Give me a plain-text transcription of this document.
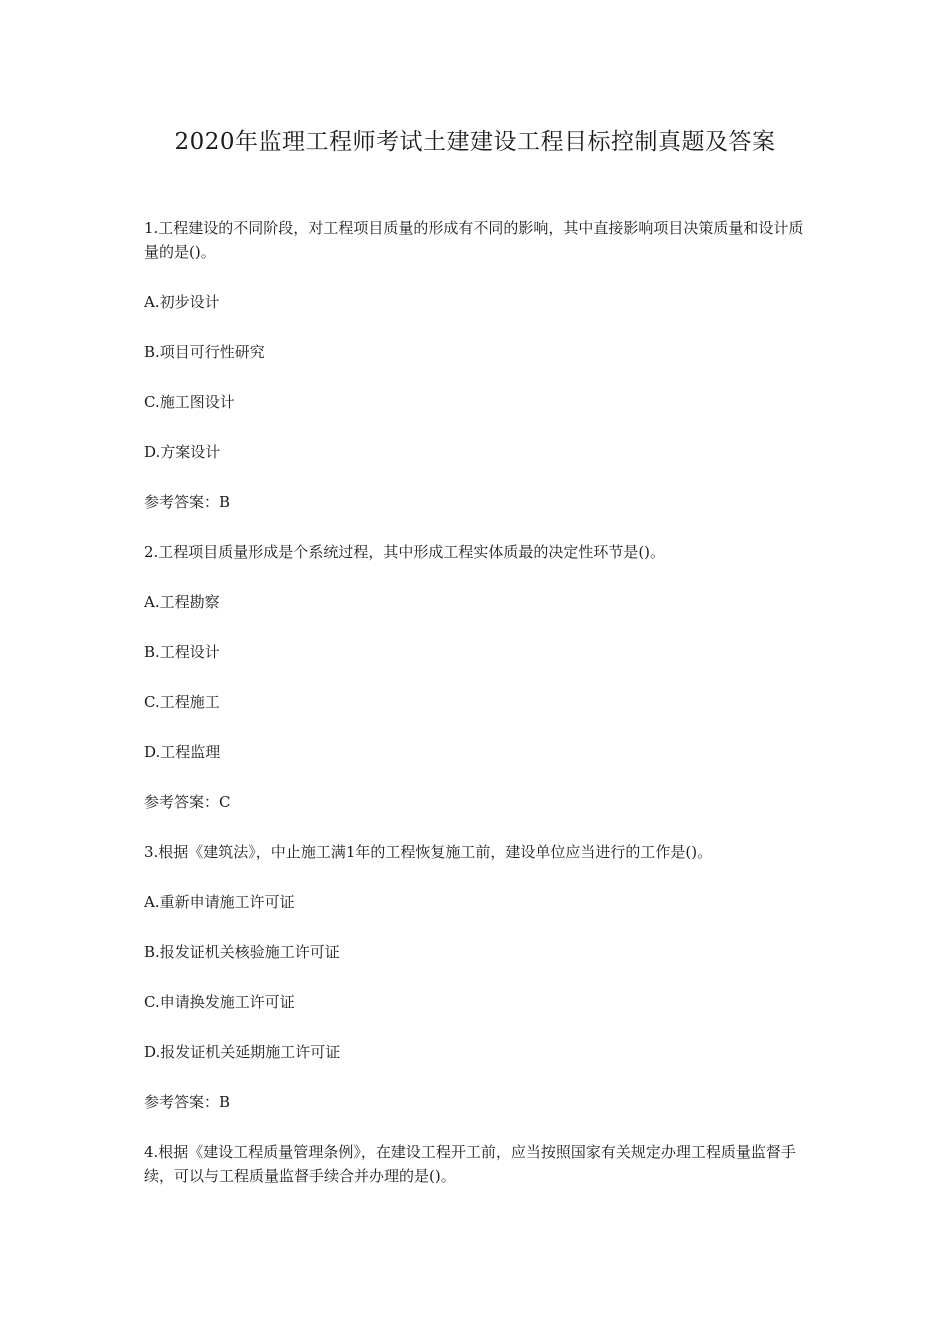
2020年监理工程师考试土建建设工程目标控制真题及答案

1.工程建设的不同阶段，对工程项目质量的形成有不同的影响，其中直接影响项目决策质量和设计质量的是()。

A.初步设计

B.项目可行性研究

C.施工图设计

D.方案设计

参考答案：B

2.工程项目质量形成是个系统过程，其中形成工程实体质最的决定性环节是()。

A.工程勘察

B.工程设计

C.工程施工

D.工程监理

参考答案：C

3.根据《建筑法》，中止施工满1年的工程恢复施工前，建设单位应当进行的工作是()。

A.重新申请施工许可证

B.报发证机关核验施工许可证

C.申请换发施工许可证

D.报发证机关延期施工许可证

参考答案：B

4.根据《建设工程质量管理条例》，在建设工程开工前，应当按照国家有关规定办理工程质量监督手续，可以与工程质量监督手续合并办理的是()。
